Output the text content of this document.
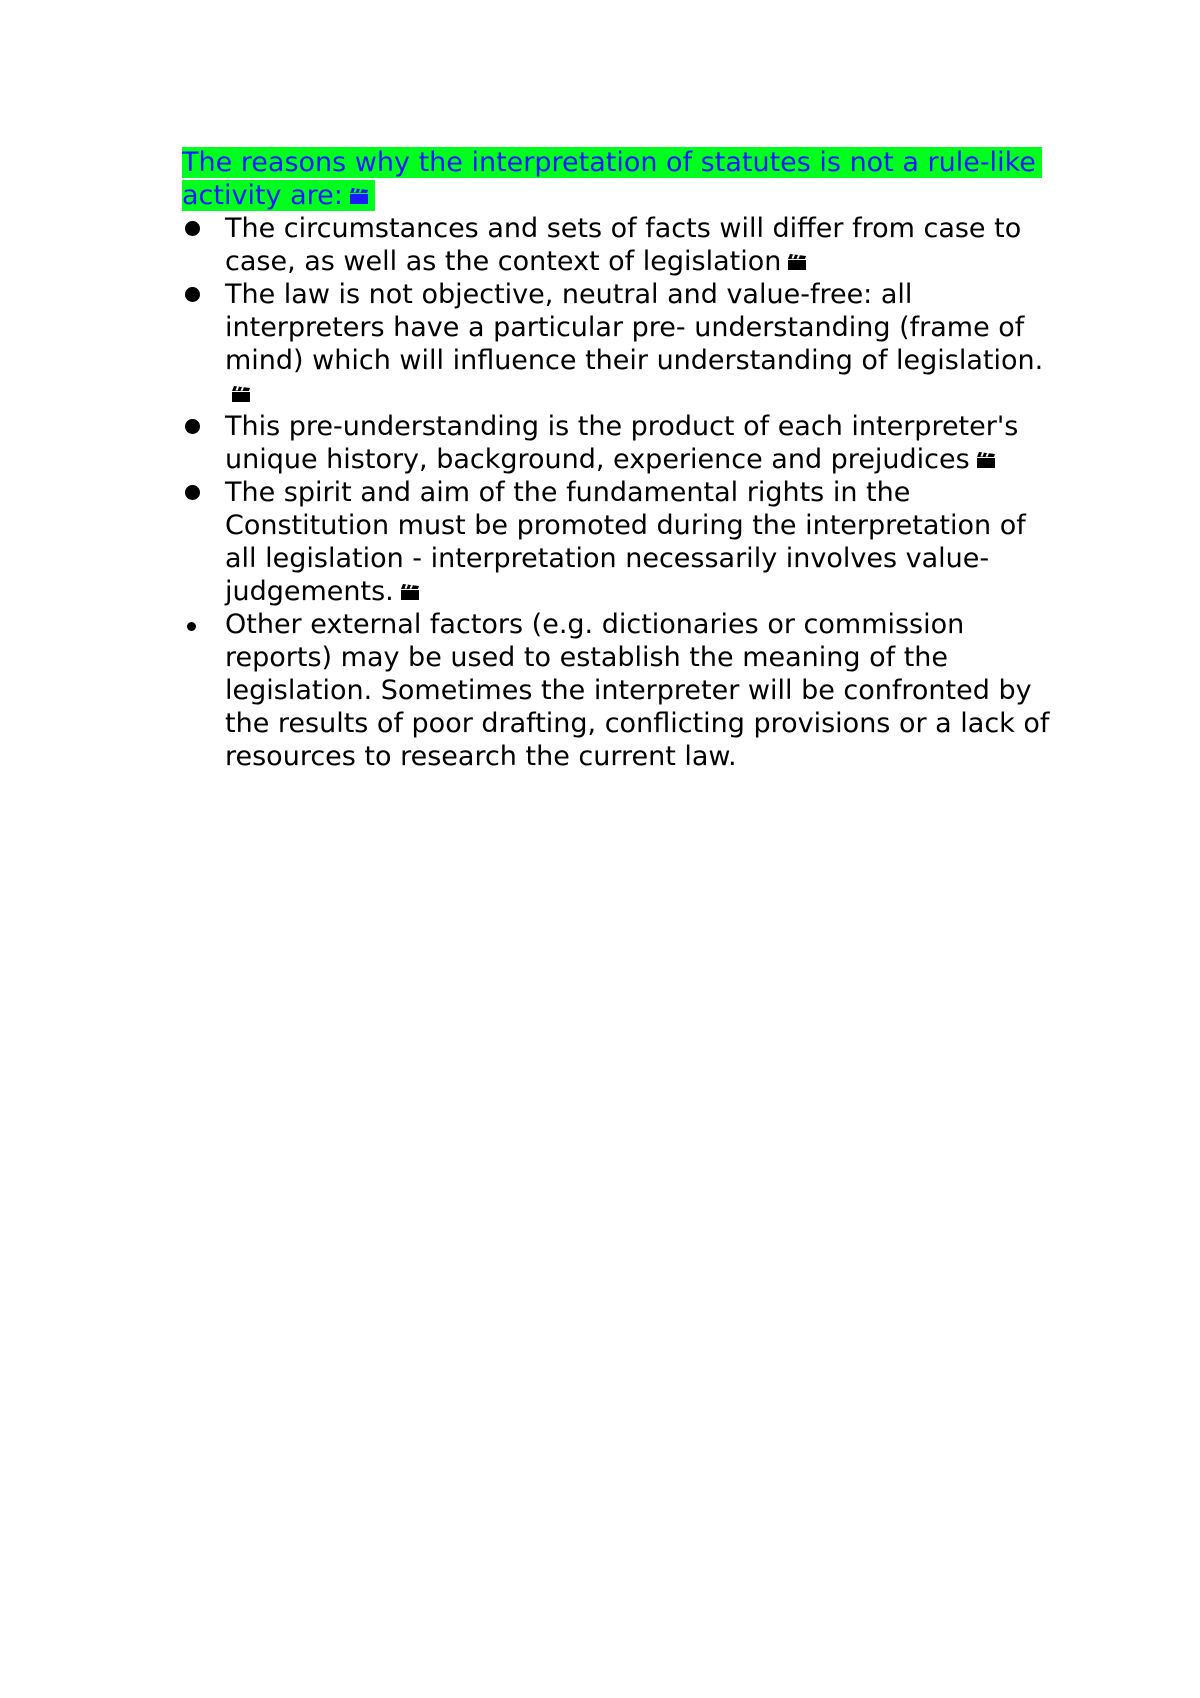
The reasons why the interpretation of statutes is not a rule-like activity are:

The circumstances and sets of facts will differ from case to case, as well as the context of legislation
The law is not objective, neutral and value-free: all interpreters have a particular pre- understanding (frame of mind) which will influence their understanding of legislation.
This pre-understanding is the product of each interpreter's unique history, background, experience and prejudices
The spirit and aim of the fundamental rights in the Constitution must be promoted during the interpretation of all legislation - interpretation necessarily involves value-judgements.
Other external factors (e.g. dictionaries or commission reports) may be used to establish the meaning of the legislation. Sometimes the interpreter will be confronted by the results of poor drafting, conflicting provisions or a lack of resources to research the current law.
